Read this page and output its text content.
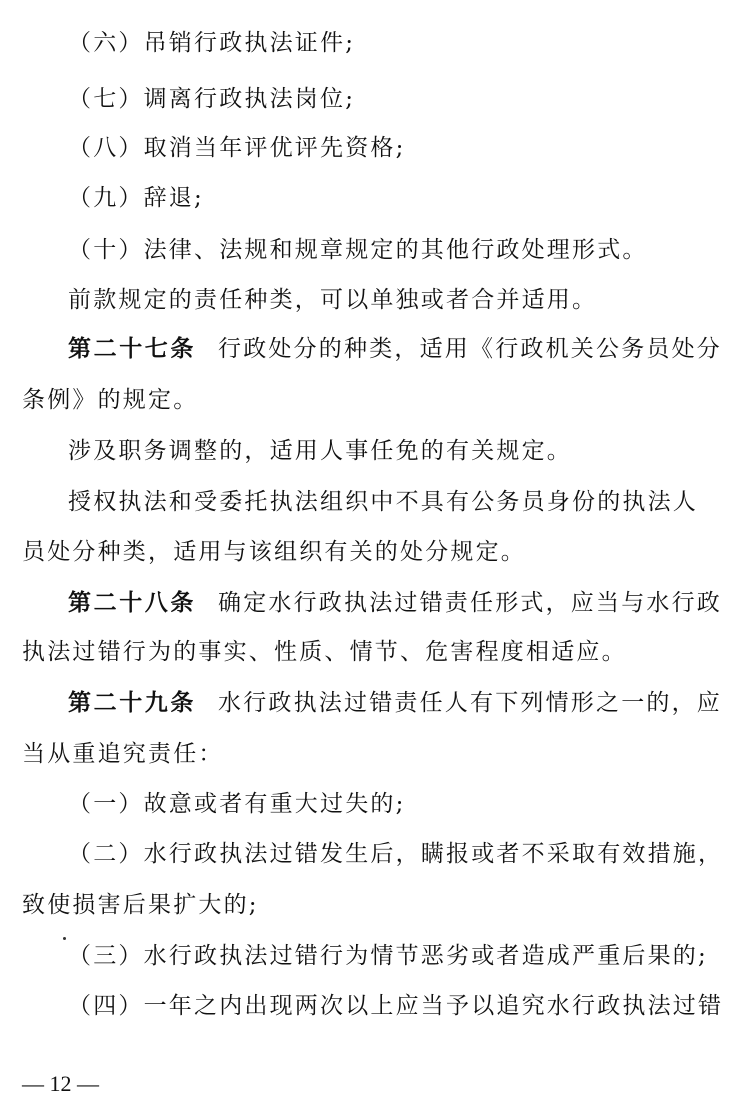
（六）吊销行政执法证件;
（七）调离行政执法岗位;
（八）取消当年评优评先资格;
（九）辞退;
（十）法律、法规和规章规定的其他行政处理形式。
前款规定的责任种类，可以单独或者合并适用。
第二十七条 行政处分的种类，适用《行政机关公务员处分
条例》的规定。
涉及职务调整的，适用人事任免的有关规定。
授权执法和受委托执法组织中不具有公务员身份的执法人
员处分种类，适用与该组织有关的处分规定。
第二十八条 确定水行政执法过错责任形式，应当与水行政
执法过错行为的事实、性质、情节、危害程度相适应。
第二十九条 水行政执法过错责任人有下列情形之一的，应
当从重追究责任：
（一）故意或者有重大过失的;
（二）水行政执法过错发生后，瞒报或者不采取有效措施，
致使损害后果扩大的;
（三）水行政执法过错行为情节恶劣或者造成严重后果的;
（四）一年之内出现两次以上应当予以追究水行政执法过错
— 12 —
